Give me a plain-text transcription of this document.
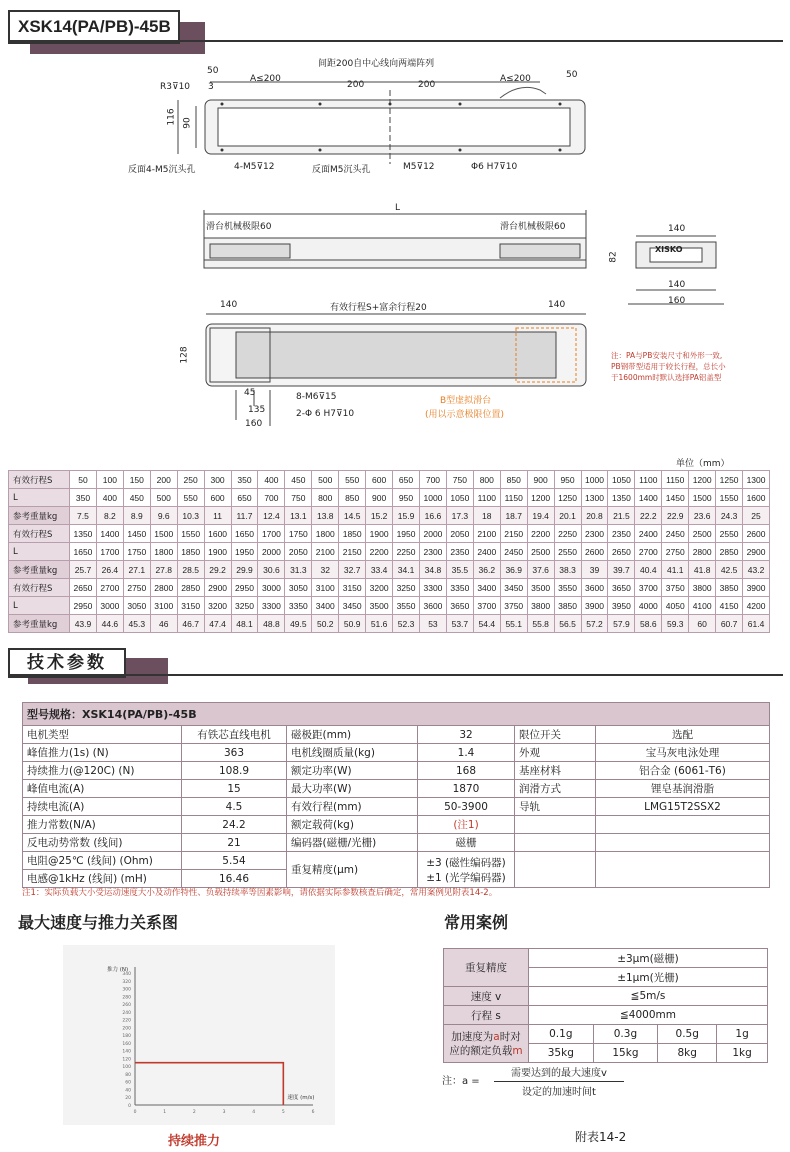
XSK14(PA/PB)-45B
间距200自中心线向两端阵列
50
A≤200
200	200
A≤200	50
R3⊽10 3
116 90
反面4-M5沉头孔	4-M5⊽12	反面M5沉头孔	M5⊽12	Φ6 H7⊽10
L
滑台机械极限60	滑台机械极限60	140
82
140
160
XISKO
140	有效行程S+富余行程20	140
128
45
135
160
8-M6⊽15
2-Φ 6 H7⊽10
B型虚拟滑台
(用以示意极限位置)
注：PA与PB安装尺寸和外形一致,
PB钢带型适用于较长行程，总长小
于1600mm时默认选择PA铝盖型
单位（mm）
有效行程S	50	100	150	200	250	300	350	400	450	500	550	600	650	700	750	800	850	900	950	1000	1050	1100	1150	1200	1250	1300
L	350	400	450	500	550	600	650	700	750	800	850	900	950	1000	1050	1100	1150	1200	1250	1300	1350	1400	1450	1500	1550	1600
参考重量kg	7.5	8.2	8.9	9.6	10.3	11	11.7	12.4	13.1	13.8	14.5	15.2	15.9	16.6	17.3	18	18.7	19.4	20.1	20.8	21.5	22.2	22.9	23.6	24.3	25
有效行程S	1350	1400	1450	1500	1550	1600	1650	1700	1750	1800	1850	1900	1950	2000	2050	2100	2150	2200	2250	2300	2350	2400	2450	2500	2550	2600
L	1650	1700	1750	1800	1850	1900	1950	2000	2050	2100	2150	2200	2250	2300	2350	2400	2450	2500	2550	2600	2650	2700	2750	2800	2850	2900
参考重量kg	25.7	26.4	27.1	27.8	28.5	29.2	29.9	30.6	31.3	32	32.7	33.4	34.1	34.8	35.5	36.2	36.9	37.6	38.3	39	39.7	40.4	41.1	41.8	42.5	43.2
有效行程S	2650	2700	2750	2800	2850	2900	2950	3000	3050	3100	3150	3200	3250	3300	3350	3400	3450	3500	3550	3600	3650	3700	3750	3800	3850	3900
L	2950	3000	3050	3100	3150	3200	3250	3300	3350	3400	3450	3500	3550	3600	3650	3700	3750	3800	3850	3900	3950	4000	4050	4100	4150	4200
参考重量kg	43.9	44.6	45.3	46	46.7	47.4	48.1	48.8	49.5	50.2	50.9	51.6	52.3	53	53.7	54.4	55.1	55.8	56.5	57.2	57.9	58.6	59.3	60	60.7	61.4
技术参数
型号规格：XSK14(PA/PB)-45B					
电机类型	有铁芯直线电机	磁极距(mm)	32	限位开关	选配
峰值推力(1s) (N)	363	电机线圈质量(kg)	1.4	外观	宝马灰电泳处理
持续推力(@120C) (N)	108.9	额定功率(W)	168	基座材料	铝合金 (6061-T6)
峰值电流(A)	15	最大功率(W)	1870	润滑方式	锂皂基润滑脂
持续电流(A)	4.5	有效行程(mm)	50-3900	导轨	LMG15T2SSX2
推力常数(N/A)	24.2	额定载荷(kg)	(注1)		
反电动势常数 (线间)	21	编码器(磁栅/光栅)	磁栅		
电阻@25℃ (线间) (Ohm)	5.54	重复精度(μm)	±3 (磁性编码器)
±1 (光学编码器)		

电感@1kHz (线间) (mH)	16.46				
注1：实际负载大小受运动速度大小及动作特性、负载持续率等因素影响，请依据实际参数核查后确定，常用案例见附表14-2。
最大速度与推力关系图
0
20
40
60
80
100
120
140
160
180
200
220
240
260
280
300
320
340
0	1	2	3	4	5	6
推力 (N)
速度 (m/s)
持续推力
常用案例
重复精度	±3μm(磁栅)			
	±1μm(光栅)			
速度 v	≦5m/s			
行程 s	≦4000mm			
加速度为a时对
应的额定负载m	0.1g	0.3g	0.5g	1g
	35kg	15kg	8kg	1kg
注：a =
需要达到的最大速度v
设定的加速时间t
附表14-2
